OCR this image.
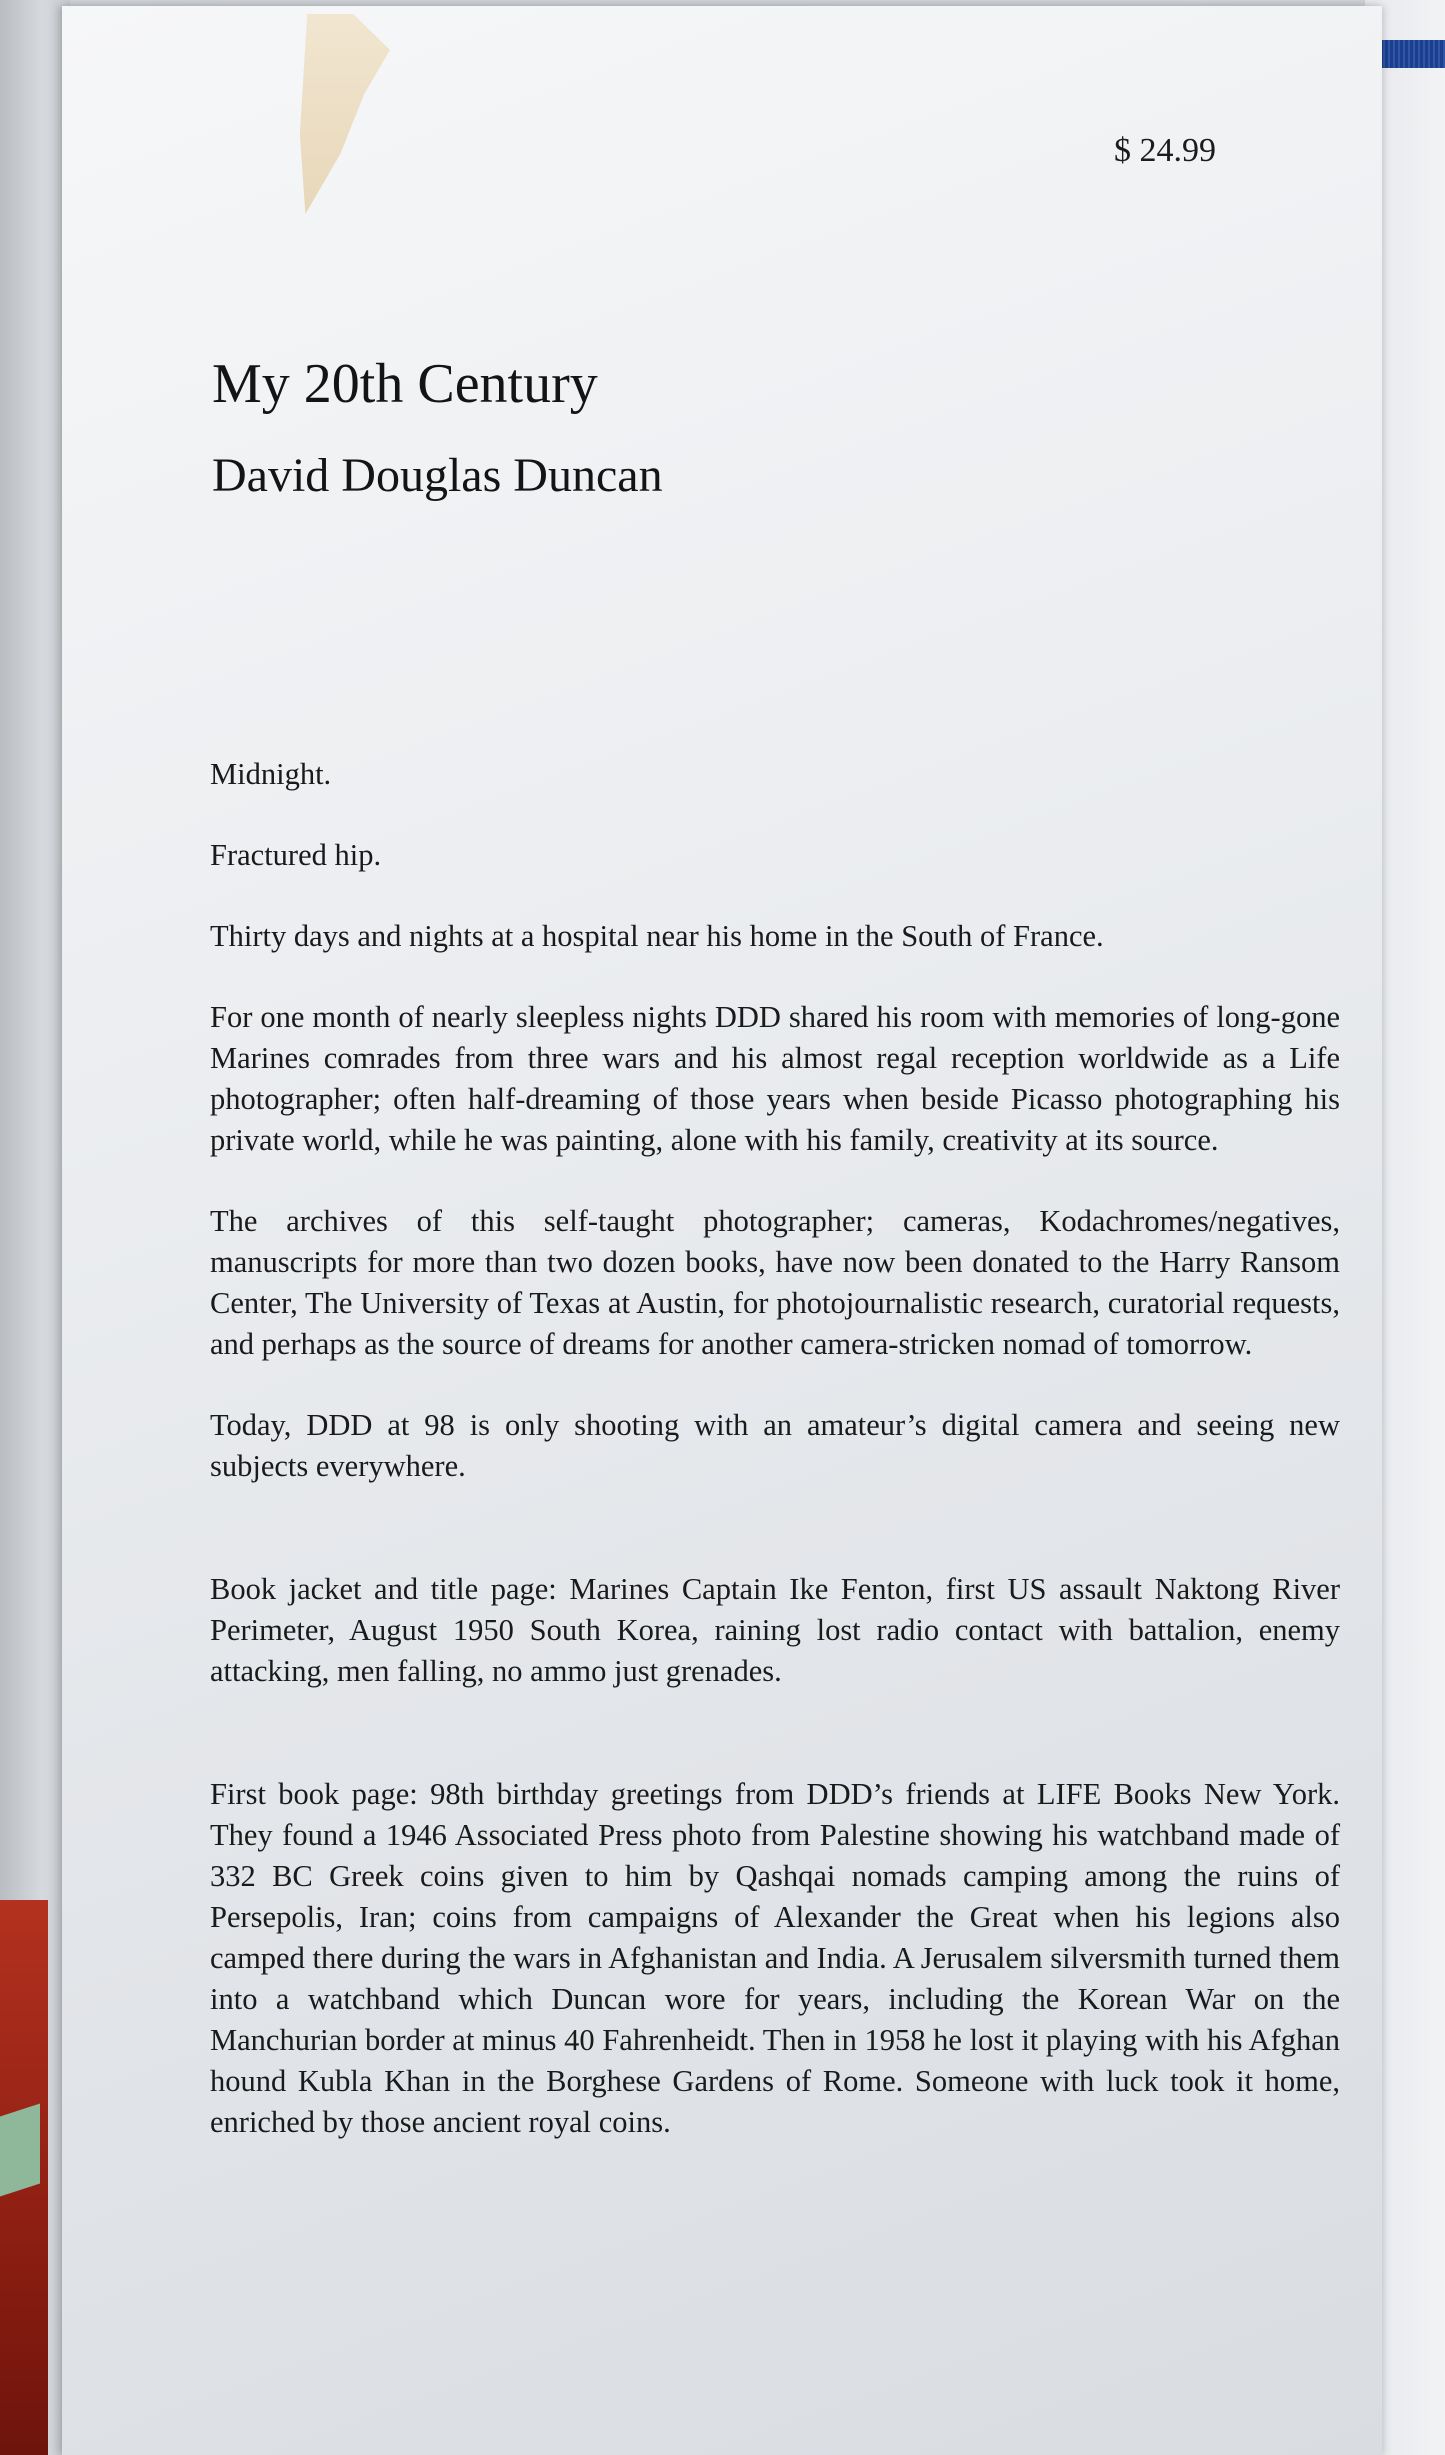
$ 24.99
My 20th Century
David Douglas Duncan

Midnight.

Fractured hip.

Thirty days and nights at a hospital near his home in the South of France.

For one month of nearly sleepless nights DDD shared his room with memories of long-gone Marines comrades from three wars and his almost regal reception worldwide as a Life photographer; often half-dreaming of those years when beside Picasso photographing his private world, while he was painting, alone with his family, creativity at its source.

The archives of this self-taught photographer; cameras, Kodachromes/negatives, manuscripts for more than two dozen books, have now been donated to the Harry Ransom Center, The University of Texas at Austin, for photojournalistic research, curatorial requests, and perhaps as the source of dreams for another camera-stricken nomad of tomorrow.

Today, DDD at 98 is only shooting with an amateur’s digital camera and seeing new subjects everywhere.

Book jacket and title page: Marines Captain Ike Fenton, first US assault Naktong River Perimeter, August 1950 South Korea, raining lost radio contact with battalion, enemy attacking, men falling, no ammo just grenades.

First book page: 98th birthday greetings from DDD’s friends at LIFE Books New York. They found a 1946 Associated Press photo from Palestine showing his watchband made of 332 BC Greek coins given to him by Qashqai nomads camping among the ruins of Persepolis, Iran; coins from campaigns of Alexander the Great when his legions also camped there during the wars in Afghanistan and India. A Jerusalem silversmith turned them into a watchband which Duncan wore for years, including the Korean War on the Manchurian border at minus 40 Fahrenheidt. Then in 1958 he lost it playing with his Afghan hound Kubla Khan in the Borghese Gardens of Rome. Someone with luck took it home, enriched by those ancient royal coins.
